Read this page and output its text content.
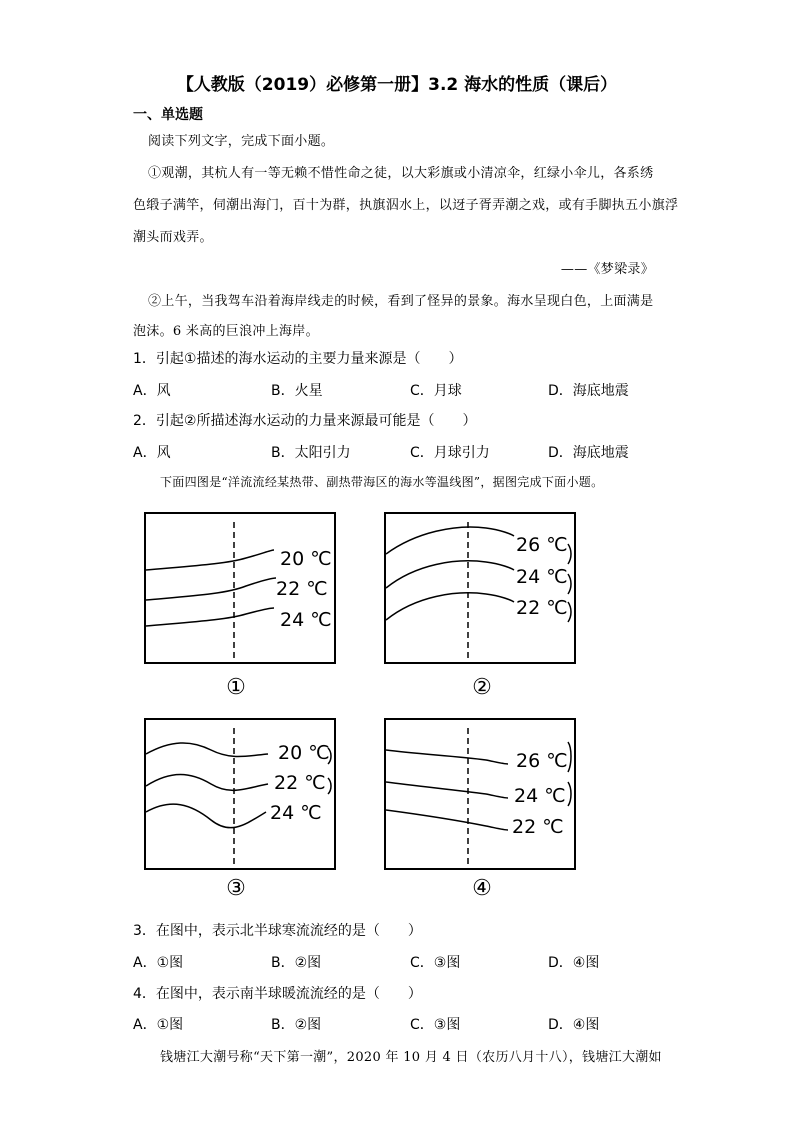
【人教版（2019）必修第一册】3.2 海水的性质（课后）
一、单选题
阅读下列文字，完成下面小题。
①观潮，其杭人有一等无赖不惜性命之徒，以大彩旗或小清凉伞，红绿小伞儿，各系绣
色缎子满竿，伺潮出海门，百十为群，执旗泅水上，以迓子胥弄潮之戏，或有手脚执五小旗浮
潮头而戏弄。
——《梦梁录》
②上午，当我驾车沿着海岸线走的时候，看到了怪异的景象。海水呈现白色，上面满是
泡沫。6 米高的巨浪冲上海岸。
1．引起①描述的海水运动的主要力量来源是（　　）
A．风	B．火星	C．月球	D．海底地震
2．引起②所描述海水运动的力量来源最可能是（　　）
A．风	B．太阳引力	C．月球引力	D．海底地震
下面四图是“洋流流经某热带、副热带海区的海水等温线图”，据图完成下面小题。
20 ℃
22 ℃
24 ℃
①
26 ℃
24 ℃
22 ℃
②
20 ℃
22 ℃
24 ℃
③
26 ℃
24 ℃
22 ℃
④
3．在图中，表示北半球寒流流经的是（　　）
A．①图	B．②图	C．③图	D．④图
4．在图中，表示南半球暖流流经的是（　　）
A．①图	B．②图	C．③图	D．④图
钱塘江大潮号称“天下第一潮”，2020 年 10 月 4 日（农历八月十八），钱塘江大潮如
